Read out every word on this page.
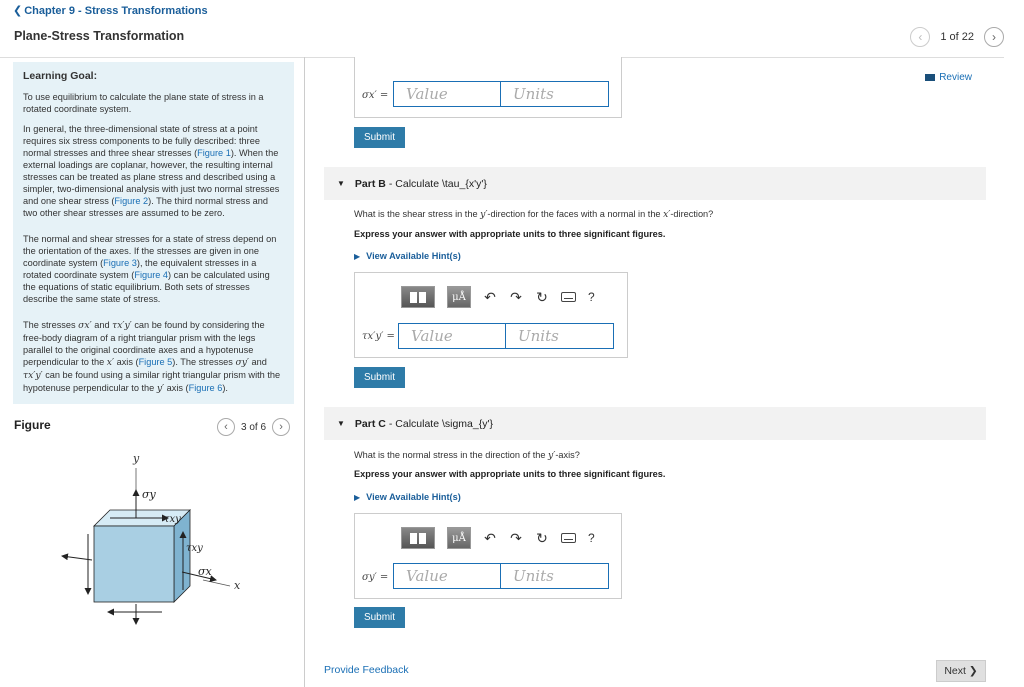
❮ Chapter 9 - Stress Transformations
Plane-Stress Transformation	‹ 1 of 22 ›
Learning Goal:

To use equilibrium to calculate the plane state of stress in a rotated coordinate system.

In general, the three-dimensional state of stress at a point requires six stress components to be fully described: three normal stresses and three shear stresses (Figure 1). When the external loadings are coplanar, however, the resulting internal stresses can be treated as plane stress and described using a simpler, two-dimensional analysis with just two normal stresses and one shear stress (Figure 2). The third normal stress and two other shear stresses are assumed to be zero.

The normal and shear stresses for a state of stress depend on the orientation of the axes. If the stresses are given in one coordinate system (Figure 3), the equivalent stresses in a rotated coordinate system (Figure 4) can be calculated using the equations of static equilibrium. Both sets of stresses describe the same state of stress.

The stresses σx′ and τx′y′ can be found by considering the free-body diagram of a right triangular prism with the legs parallel to the original coordinate axes and a hypotenuse perpendicular to the x′ axis (Figure 5). The stresses σy′ and τx′y′ can be found using a similar right triangular prism with the hypotenuse perpendicular to the y′ axis (Figure 6).

Figure	‹ 3 of 6 ›
y
x
σy
τxy
τxy
σx
Review
σx′ =	Value	Units
Submit
▼ Part B - Calculate \tau_{x'y'}
What is the shear stress in the y′-direction for the faces with a normal in the x′-direction?
Express your answer with appropriate units to three significant figures.
▶ View Available Hint(s)
μÅ	↶ ↷ ↻	?
τx′y′ =	Value	Units
Submit
▼ Part C - Calculate \sigma_{y'}
What is the normal stress in the direction of the y′-axis?
Express your answer with appropriate units to three significant figures.
▶ View Available Hint(s)
μÅ	↶ ↷ ↻	?
σy′ =	Value	Units
Submit
Provide Feedback	Next
❯
